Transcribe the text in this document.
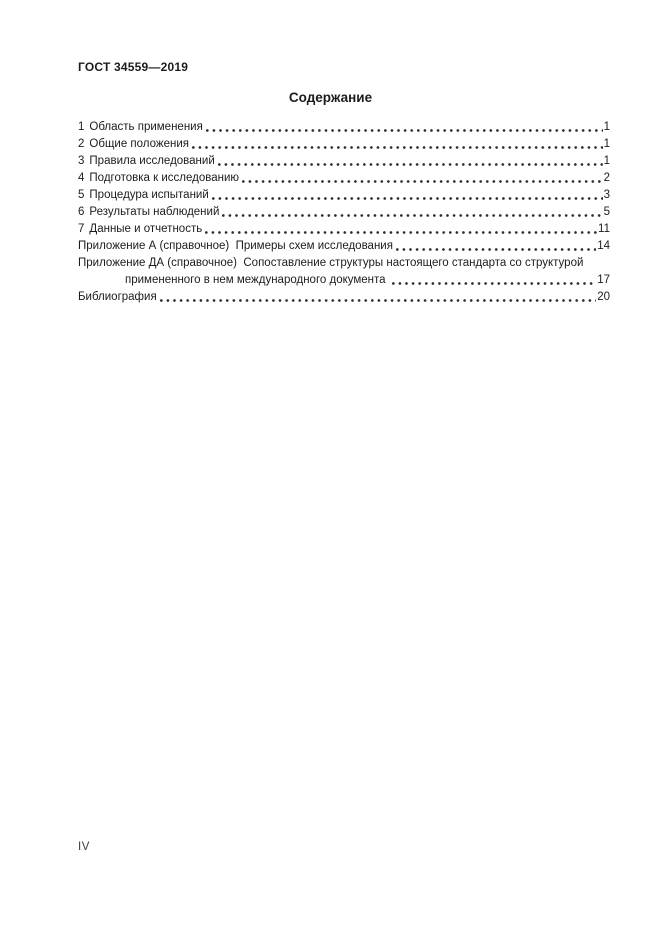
ГОСТ 34559—2019
Содержание
1 Область применения	1
2 Общие положения	1
3 Правила исследований	1
4 Подготовка к исследованию	2
5 Процедура испытаний	3
6 Результаты наблюдений	5
7 Данные и отчетность	11
Приложение А (справочное)  Примеры схем исследования	14
Приложение ДА (справочное)  Сопоставление структуры настоящего стандарта со структурой
примененного в нем международного документа	17
Библиография	20
IV
